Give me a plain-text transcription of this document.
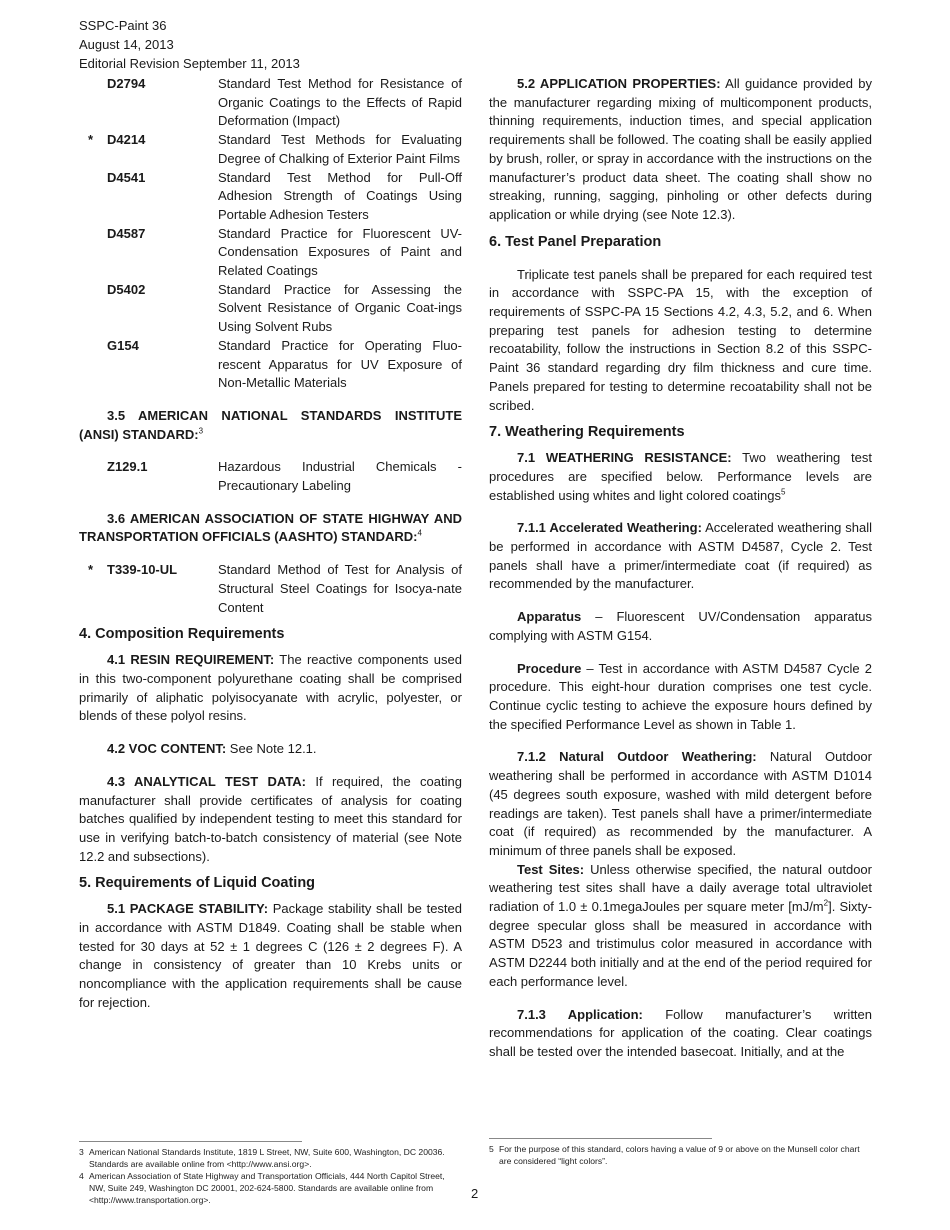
SSPC-Paint 36
August 14, 2013
Editorial Revision September 11, 2013
D2794	Standard Test Method for Resistance of Organic Coatings to the Effects of Rapid Deformation (Impact)
*	D4214	Standard Test Methods for Evaluating Degree of Chalking of Exterior Paint Films
D4541	Standard Test Method for Pull-Off Adhesion Strength of Coatings Using Portable Adhesion Testers
D4587	Standard Practice for Fluorescent UV-Condensation Exposures of Paint and Related Coatings
D5402	Standard Practice for Assessing the Solvent Resistance of Organic Coat-ings Using Solvent Rubs
G154	Standard Practice for Operating Fluo-rescent Apparatus for UV Exposure of Non-Metallic Materials

3.5 AMERICAN NATIONAL STANDARDS INSTITUTE (ANSI) STANDARD:$^3$

Z129.1	Hazardous Industrial Chemicals - Precautionary Labeling

3.6 AMERICAN ASSOCIATION OF STATE HIGHWAY AND TRANSPORTATION OFFICIALS (AASHTO) STANDARD:$^4$

*	T339-10-UL	Standard Method of Test for Analysis of Structural Steel Coatings for Isocya-nate Content
4. Composition Requirements

4.1 RESIN REQUIREMENT: The reactive components used in this two-component polyurethane coating shall be comprised primarily of aliphatic polyisocyanate with acrylic, polyester, or blends of these polyol resins.

4.2 VOC CONTENT: See Note 12.1.

4.3 ANALYTICAL TEST DATA: If required, the coating manufacturer shall provide certificates of analysis for coating batches qualified by independent testing to meet this standard for use in verifying batch-to-batch consistency of material (see Note 12.2 and subsections).

5. Requirements of Liquid Coating

5.1 PACKAGE STABILITY: Package stability shall be tested in accordance with ASTM D1849. Coating shall be stable when tested for 30 days at 52 ± 1 degrees C (126 ± 2 degrees F). A change in consistency of greater than 10 Krebs units or noncompliance with the application requirements shall be cause for rejection.

5.2 APPLICATION PROPERTIES: All guidance provided by the manufacturer regarding mixing of multicomponent products, thinning requirements, induction times, and special application requirements shall be followed. The coating shall be easily applied by brush, roller, or spray in accordance with the instructions on the manufacturer’s product data sheet. The coating shall show no streaking, running, sagging, pinholing or other defects during application or while drying (see Note 12.3).

6. Test Panel Preparation

Triplicate test panels shall be prepared for each required test in accordance with SSPC-PA 15, with the exception of requirements of SSPC-PA 15 Sections 4.2, 4.3, 5.2, and 6. When preparing test panels for adhesion testing to determine recoatability, follow the instructions in Section 8.2 of this SSPC-Paint 36 standard regarding dry film thickness and cure time. Panels prepared for testing to determine recoatability shall not be scribed.

7. Weathering Requirements

7.1 WEATHERING RESISTANCE: Two weathering test procedures are specified below. Performance levels are established using whites and light colored coatings$^5$

7.1.1 Accelerated Weathering: Accelerated weathering shall be performed in accordance with ASTM D4587, Cycle 2. Test panels shall have a primer/intermediate coat (if required) as recommended by the manufacturer.

Apparatus – Fluorescent UV/Condensation apparatus complying with ASTM G154.

Procedure – Test in accordance with ASTM D4587 Cycle 2 procedure. This eight-hour duration comprises one test cycle. Continue cyclic testing to achieve the exposure hours defined by the specified Performance Level as shown in Table 1.

7.1.2 Natural Outdoor Weathering: Natural Outdoor weathering shall be performed in accordance with ASTM D1014 (45 degrees south exposure, washed with mild detergent before readings are taken). Test panels shall have a primer/intermediate coat (if required) as recommended by the manufacturer. A minimum of three panels shall be exposed.

Test Sites: Unless otherwise specified, the natural outdoor weathering test sites shall have a daily average total ultraviolet radiation of 1.0 ± 0.1megaJoules per square meter $[mJ/m^2]$. Sixty-degree specular gloss shall be measured in accordance with ASTM D523 and tristimulus color measured in accordance with ASTM D2244 both initially and at the end of the period required for each performance level.

7.1.3 Application: Follow manufacturer’s written recommendations for application of the coating. Clear coatings shall be tested over the intended basecoat. Initially, and at the

3 American National Standards Institute, 1819 L Street, NW, Suite 600, Washington, DC 20036. Standards are available online from <http://www.ansi.org>.
4 American Association of State Highway and Transportation Officials, 444 North Capitol Street, NW, Suite 249, Washington DC 20001, 202-624-5800. Standards are available online from <http://www.transportation.org>.
5 For the purpose of this standard, colors having a value of 9 or above on the Munsell color chart are considered “light colors”.
2
